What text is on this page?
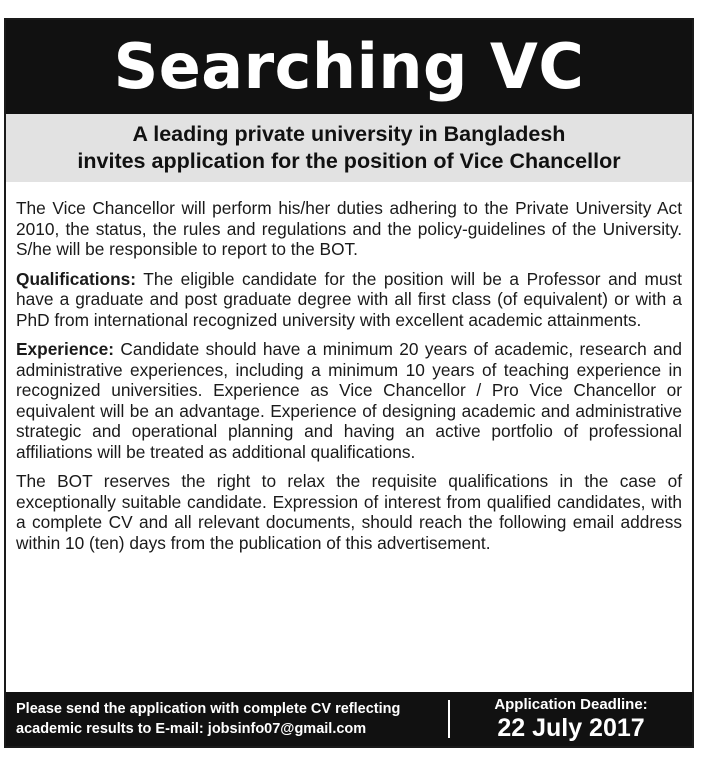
Searching VC
A leading private university in Bangladesh
invites application for the position of Vice Chancellor

The Vice Chancellor will perform his/her duties adhering to the Private University Act 2010, the status, the rules and regulations and the policy-guidelines of the University. S/he will be responsible to report to the BOT.

Qualifications: The eligible candidate for the position will be a Professor and must have a graduate and post graduate degree with all first class (of equivalent) or with a PhD from international recognized university with excellent academic attainments.

Experience: Candidate should have a minimum 20 years of academic, research and administrative experiences, including a minimum 10 years of teaching experience in recognized universities. Experience as Vice Chancellor / Pro Vice Chancellor or equivalent will be an advantage. Experience of designing academic and administrative strategic and operational planning and having an active portfolio of professional affiliations will be treated as additional qualifications.

The BOT reserves the right to relax the requisite qualifications in the case of exceptionally suitable candidate. Expression of interest from qualified candidates, with a complete CV and all relevant documents, should reach the following email address within 10 (ten) days from the publication of this advertisement.

Please send the application with complete CV reflecting
academic results to E-mail: jobsinfo07@gmail.com
Application Deadline:
22 July 2017
